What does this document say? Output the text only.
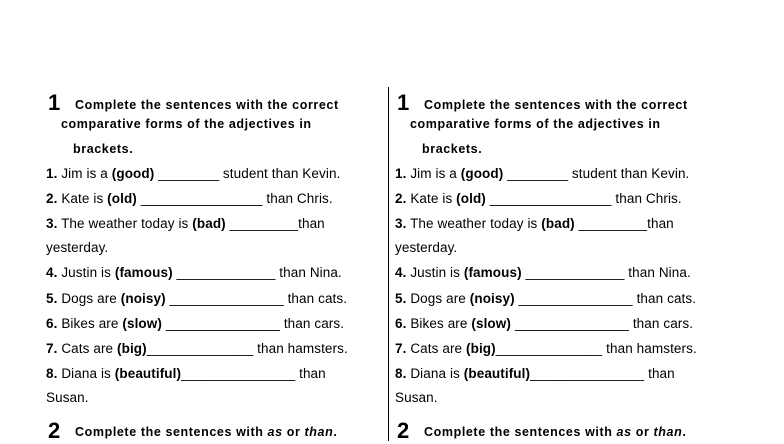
1 Complete the sentences with the correct
comparative forms of the adjectives in
brackets.
1. Jim is a (good) ________ student than Kevin.
2. Kate is (old) ________________ than Chris.
3. The weather today is (bad) _________than
yesterday.
4. Justin is (famous) _____________ than Nina.
5. Dogs are (noisy) _______________ than cats.
6. Bikes are (slow) _______________ than cars.
7. Cats are (big)______________ than hamsters.
8. Diana is (beautiful)_______________ than
Susan.
2 Complete the sentences with as or than.
1 Complete the sentences with the correct
comparative forms of the adjectives in
brackets.
1. Jim is a (good) ________ student than Kevin.
2. Kate is (old) ________________ than Chris.
3. The weather today is (bad) _________than
yesterday.
4. Justin is (famous) _____________ than Nina.
5. Dogs are (noisy) _______________ than cats.
6. Bikes are (slow) _______________ than cars.
7. Cats are (big)______________ than hamsters.
8. Diana is (beautiful)_______________ than
Susan.
2 Complete the sentences with as or than.
